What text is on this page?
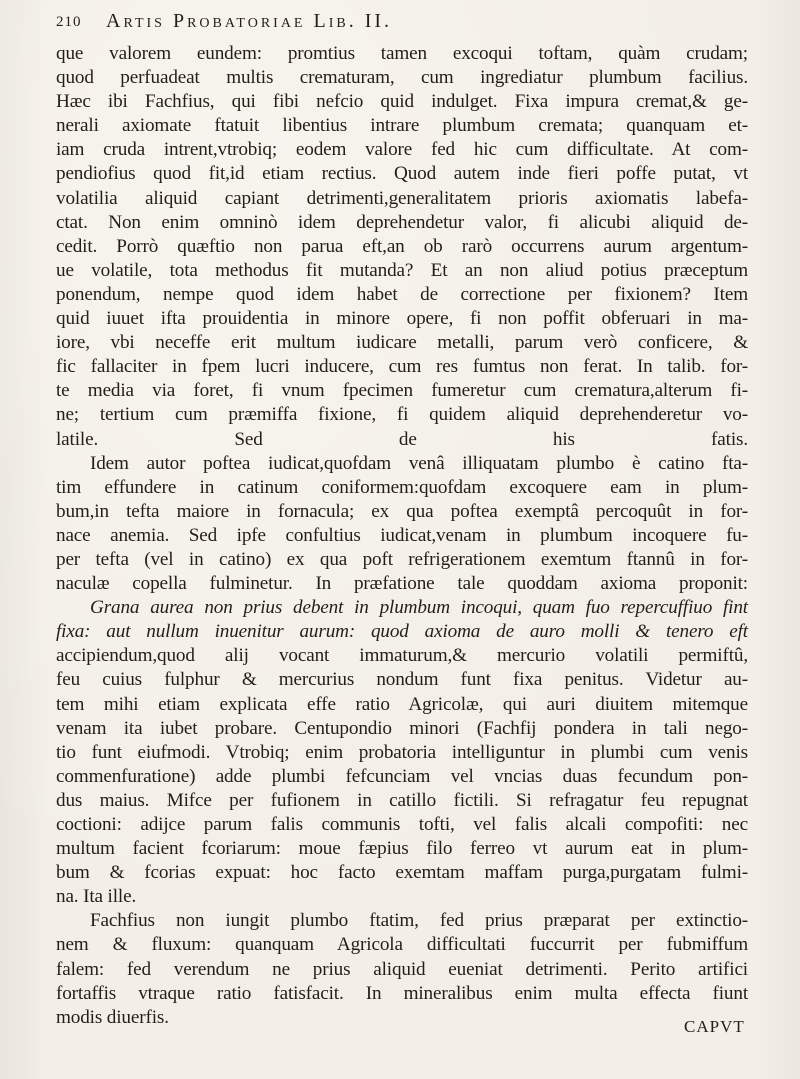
210 Artis Probatoriae Lib. II.
que valorem eundem: promtius tamen excoqui toftam, quàm crudam;
quod perfuadeat multis crematuram, cum ingrediatur plumbum facilius.
Hæc ibi Fachfius, qui fibi nefcio quid indulget. Fixa impura cremat,& ge-
nerali axiomate ftatuit libentius intrare plumbum cremata; quanquam et-
iam cruda intrent,vtrobiq; eodem valore fed hic cum difficultate. At com-
pendiofius quod fit,id etiam rectius. Quod autem inde fieri poffe putat, vt
volatilia aliquid capiant detrimenti,generalitatem prioris axiomatis labefa-
ctat. Non enim omninò idem deprehendetur valor, fi alicubi aliquid de-
cedit. Porrò quæftio non parua eft,an ob rarò occurrens aurum argentum-
ue volatile, tota methodus fit mutanda? Et an non aliud potius præceptum
ponendum, nempe quod idem habet de correctione per fixionem? Item
quid iuuet ifta prouidentia in minore opere, fi non poffit obferuari in ma-
iore, vbi neceffe erit multum iudicare metalli, parum verò conficere, &
fic fallaciter in fpem lucri inducere, cum res fumtus non ferat. In talib. for-
te media via foret, fi vnum fpecimen fumeretur cum crematura,alterum fi-
ne; tertium cum præmiffa fixione, fi quidem aliquid deprehenderetur vo-
latile. Sed de his fatis.
Idem autor poftea iudicat,quofdam venâ illiquatam plumbo è catino fta-
tim effundere in catinum coniformem:quofdam excoquere eam in plum-
bum,in tefta maiore in fornacula; ex qua poftea exemptâ percoquût in for-
nace anemia. Sed ipfe confultius iudicat,venam in plumbum incoquere fu-
per tefta (vel in catino) ex qua poft refrigerationem exemtum ftannû in for-
naculæ copella fulminetur. In præfatione tale quoddam axioma proponit:
Grana aurea non prius debent in plumbum incoqui, quam fuo repercuffiuo fint
fixa: aut nullum inuenitur aurum: quod axioma de auro molli & tenero eft
accipiendum,quod alij vocant immaturum,& mercurio volatili permiftû,
feu cuius fulphur & mercurius nondum funt fixa penitus. Videtur au-
tem mihi etiam explicata effe ratio Agricolæ, qui auri diuitem mitemque
venam ita iubet probare. Centupondio minori (Fachfij pondera in tali nego-
tio funt eiufmodi. Vtrobiq; enim probatoria intelliguntur in plumbi cum venis
commenfuratione) adde plumbi fefcunciam vel vncias duas fecundum pon-
dus maius. Mifce per fufionem in catillo fictili. Si refragatur feu repugnat
coctioni: adijce parum falis communis tofti, vel falis alcali compofiti: nec
multum facient fcoriarum: moue fæpius filo ferreo vt aurum eat in plum-
bum & fcorias expuat: hoc facto exemtam maffam purga,purgatam fulmi-
na. Ita ille.
Fachfius non iungit plumbo ftatim, fed prius præparat per extinctio-
nem & fluxum: quanquam Agricola difficultati fuccurrit per fubmiffum
falem: fed verendum ne prius aliquid eueniat detrimenti. Perito artifici
fortaffis vtraque ratio fatisfacit. In mineralibus enim multa effecta fiunt
modis diuerfis.	CAPVT
